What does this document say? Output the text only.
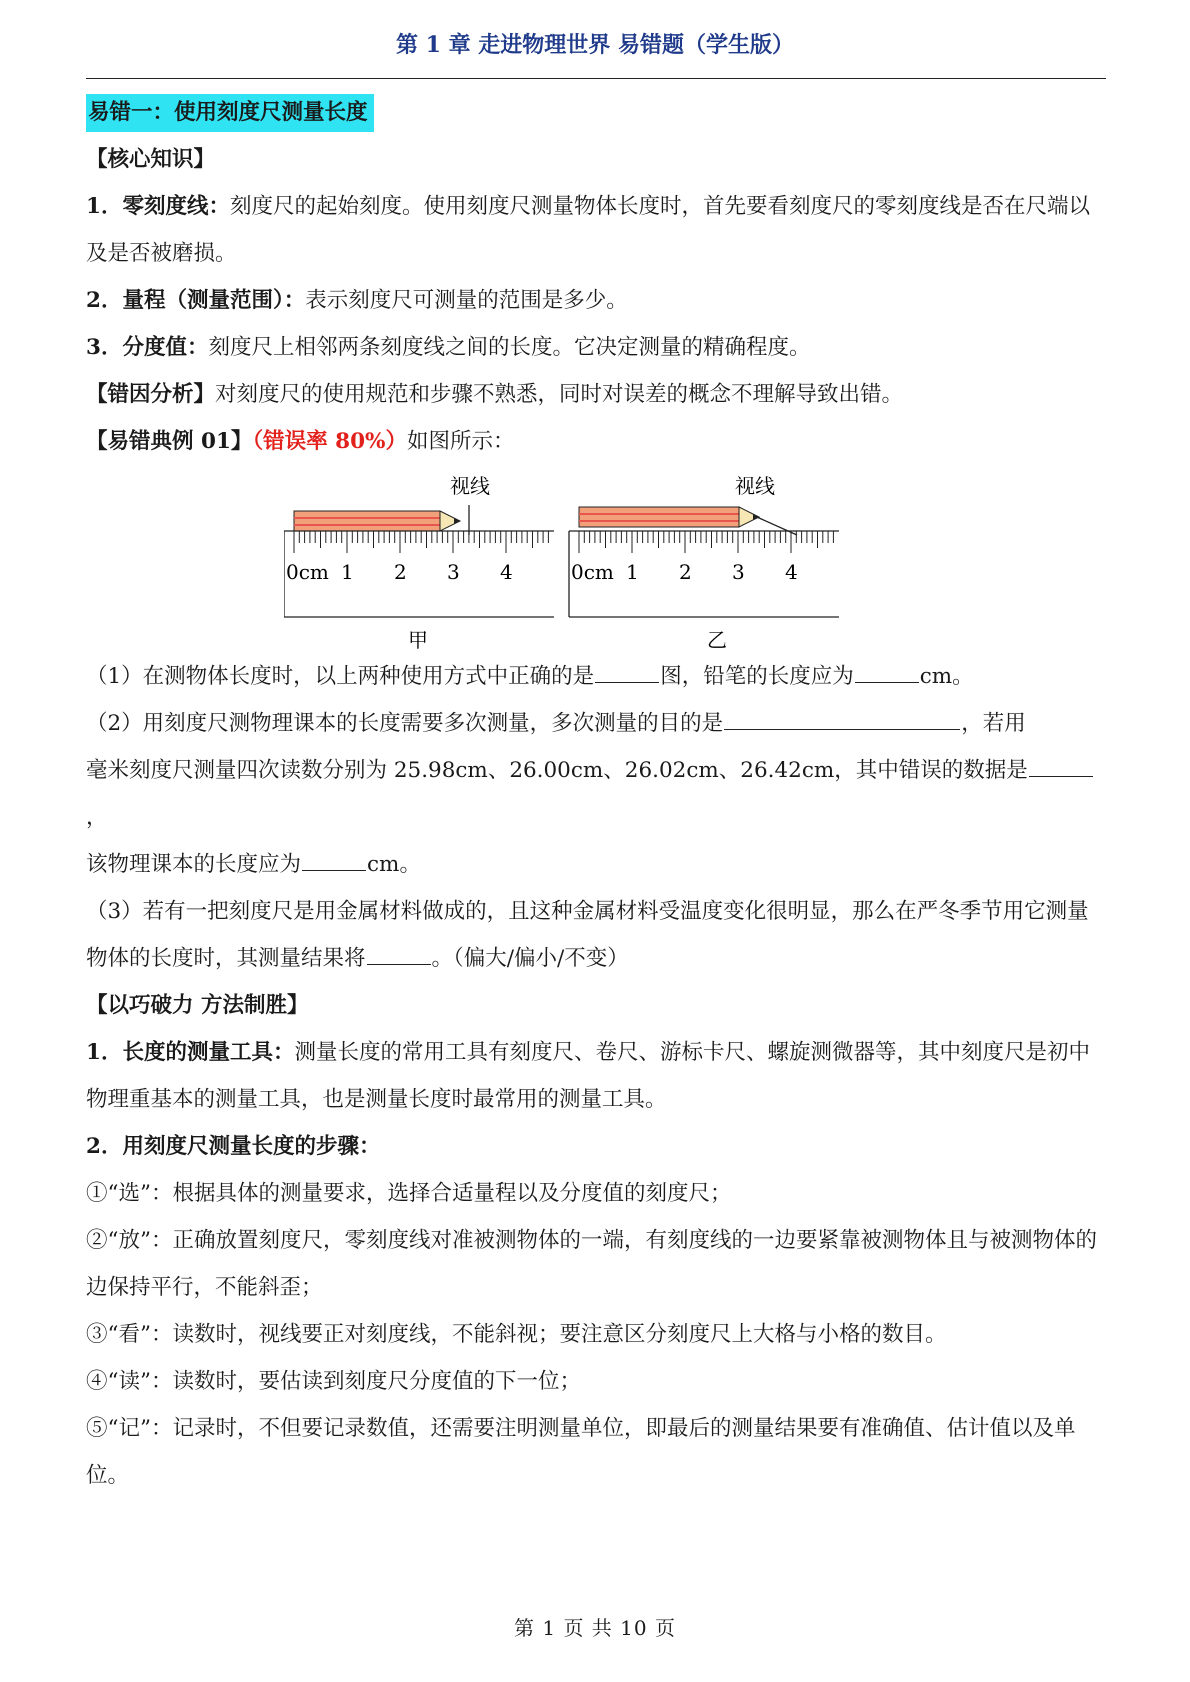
第 1 章 走进物理世界 易错题（学生版）
易错一：使用刻度尺测量长度

【核心知识】

1．零刻度线：刻度尺的起始刻度。使用刻度尺测量物体长度时，首先要看刻度尺的零刻度线是否在尺端以及是否被磨损。

2．量程（测量范围）：表示刻度尺可测量的范围是多少。

3．分度值：刻度尺上相邻两条刻度线之间的长度。它决定测量的精确程度。

【错因分析】对刻度尺的使用规范和步骤不熟悉，同时对误差的概念不理解导致出错。

【易错典例 01】（错误率 80%）如图所示：

视线
0cm 1 2 3 4
甲
视线
0cm 1 2 3 4
乙

（1）在测物体长度时，以上两种使用方式中正确的是	图，铅笔的长度应为	cm。

（2）用刻度尺测物理课本的长度需要多次测量，多次测量的目的是	，若用
毫米刻度尺测量四次读数分别为 25.98cm、26.00cm、26.02cm、26.42cm，其中错误的数据是，
该物理课本的长度应为	cm。

（3）若有一把刻度尺是用金属材料做成的，且这种金属材料受温度变化很明显，那么在严冬季节用它测量物体的长度时，其测量结果将	。（偏大/偏小/不变）

【以巧破力 方法制胜】

1．长度的测量工具：测量长度的常用工具有刻度尺、卷尺、游标卡尺、螺旋测微器等，其中刻度尺是初中物理重基本的测量工具，也是测量长度时最常用的测量工具。

2．用刻度尺测量长度的步骤：

①“选”：根据具体的测量要求，选择合适量程以及分度值的刻度尺；

②“放”：正确放置刻度尺，零刻度线对准被测物体的一端，有刻度线的一边要紧靠被测物体且与被测物体的边保持平行，不能斜歪；

③“看”：读数时，视线要正对刻度线，不能斜视；要注意区分刻度尺上大格与小格的数目。

④“读”：读数时，要估读到刻度尺分度值的下一位；

⑤“记”：记录时，不但要记录数值，还需要注明测量单位，即最后的测量结果要有准确值、估计值以及单位。

第 1 页 共 10 页
